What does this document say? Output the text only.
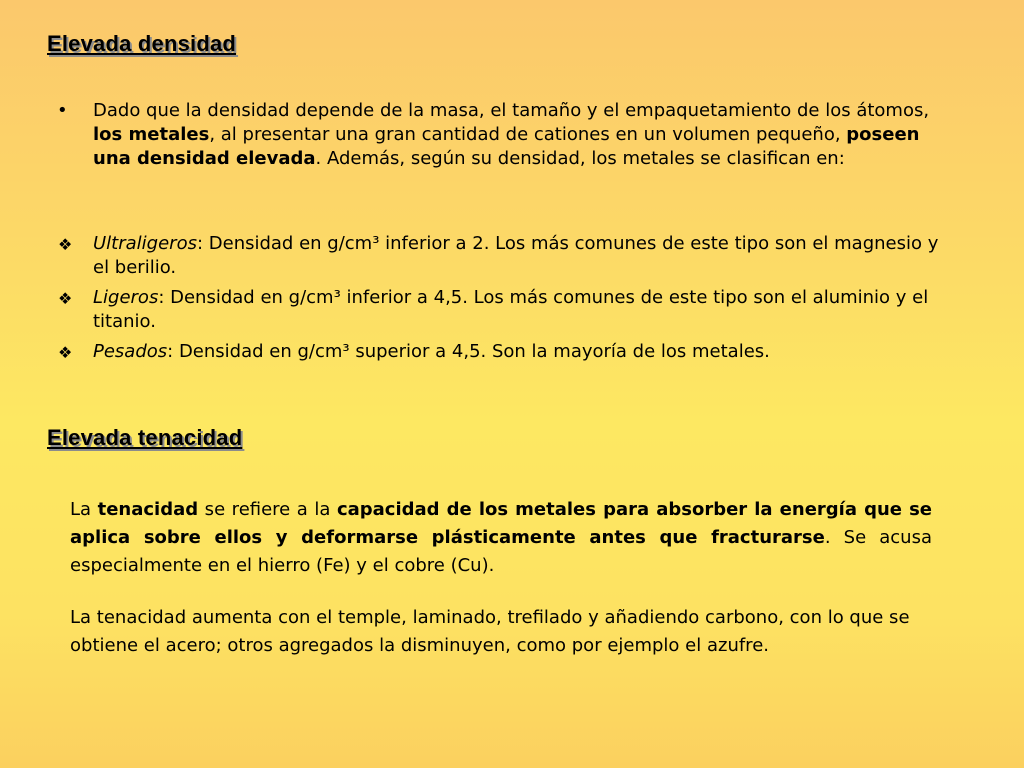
Elevada densidad
• Dado que la densidad depende de la masa, el tamaño y el empaquetamiento de los átomos, los metales, al presentar una gran cantidad de cationes en un volumen pequeño, poseen una densidad elevada. Además, según su densidad, los metales se clasifican en:
❖ Ultraligeros: Densidad en g/cm³ inferior a 2. Los más comunes de este tipo son el magnesio y el berilio.
❖ Ligeros: Densidad en g/cm³ inferior a 4,5. Los más comunes de este tipo son el aluminio y el titanio.
❖ Pesados: Densidad en g/cm³ superior a 4,5. Son la mayoría de los metales.
Elevada tenacidad

La tenacidad se refiere a la capacidad de los metales para absorber la energía que se aplica sobre ellos y deformarse plásticamente antes que fracturarse. Se acusa especialmente en el hierro (Fe) y el cobre (Cu).

La tenacidad aumenta con el temple, laminado, trefilado y añadiendo carbono, con lo que se obtiene el acero; otros agregados la disminuyen, como por ejemplo el azufre.
